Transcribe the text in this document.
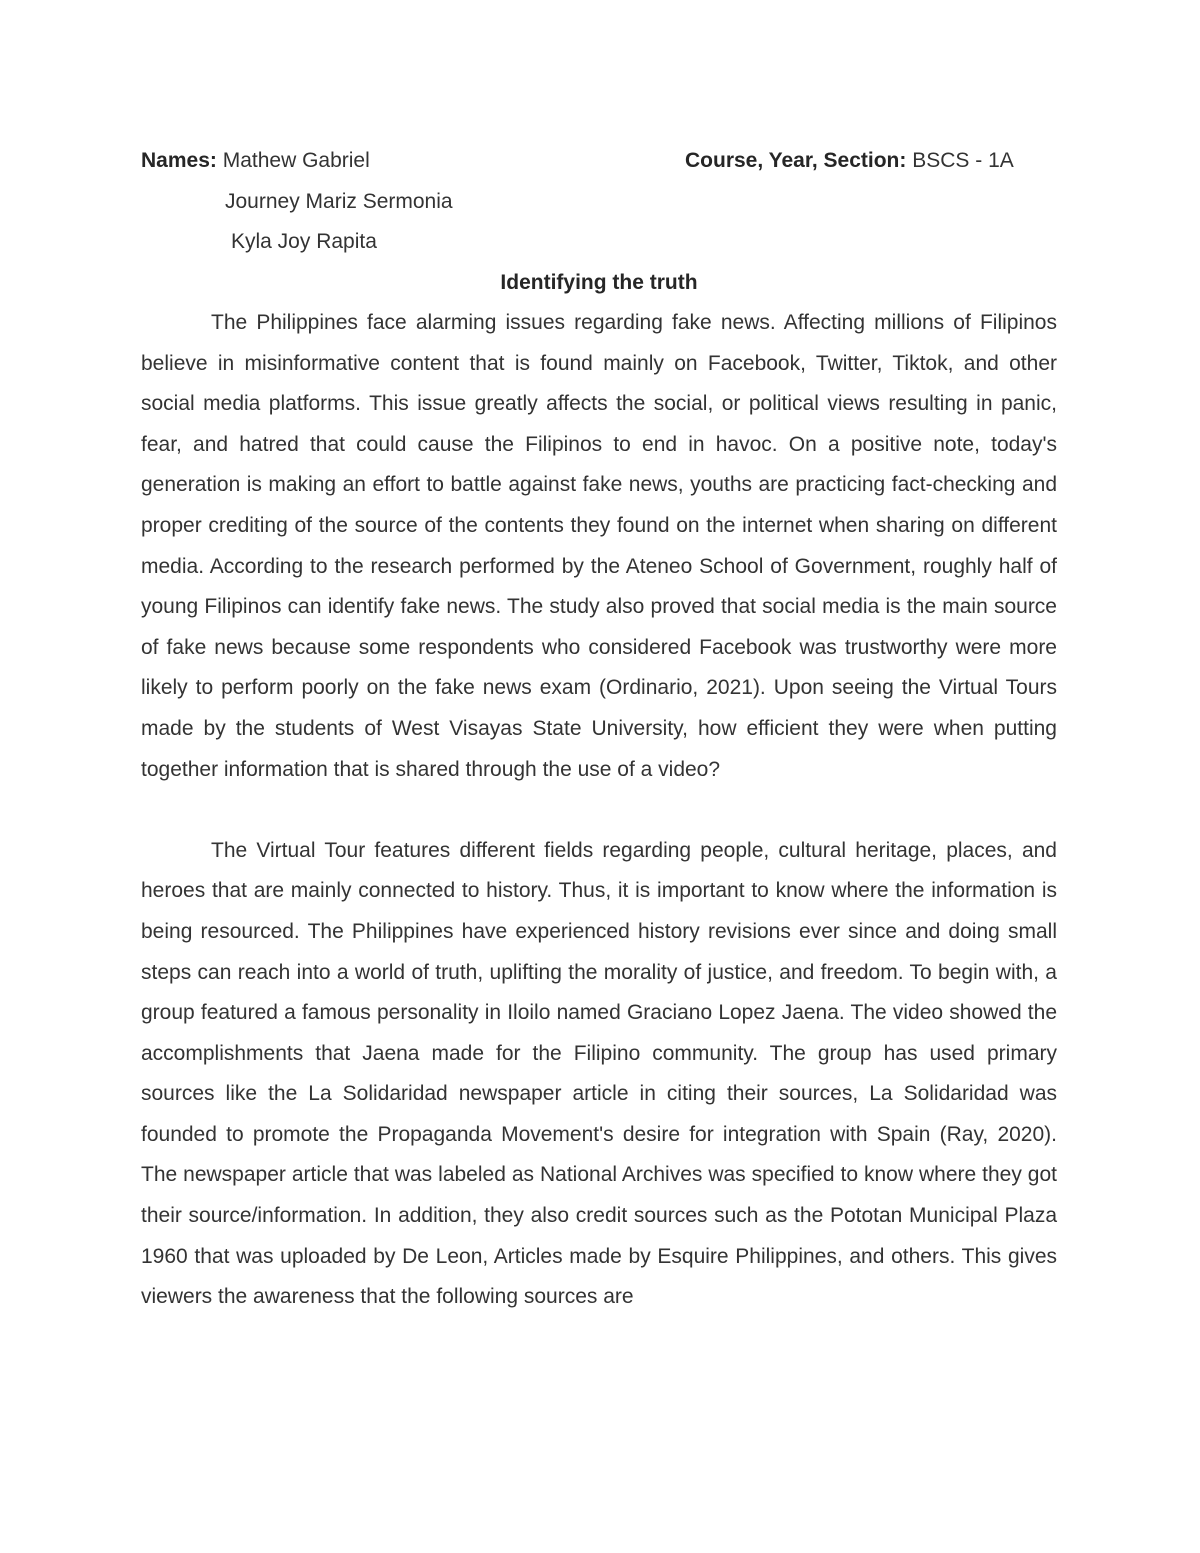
Names: Mathew Gabriel	Course, Year, Section: BSCS - 1A
Journey Mariz Sermonia
Kyla Joy Rapita
Identifying the truth

The Philippines face alarming issues regarding fake news. Affecting millions of Filipinos believe in misinformative content that is found mainly on Facebook, Twitter, Tiktok, and other social media platforms. This issue greatly affects the social, or political views resulting in panic, fear, and hatred that could cause the Filipinos to end in havoc. On a positive note, today's generation is making an effort to battle against fake news, youths are practicing fact-checking and proper crediting of the source of the contents they found on the internet when sharing on different media. According to the research performed by the Ateneo School of Government, roughly half of young Filipinos can identify fake news. The study also proved that social media is the main source of fake news because some respondents who considered Facebook was trustworthy were more likely to perform poorly on the fake news exam (Ordinario, 2021). Upon seeing the Virtual Tours made by the students of West Visayas State University, how efficient they were when putting together information that is shared through the use of a video?

The Virtual Tour features different fields regarding people, cultural heritage, places, and heroes that are mainly connected to history. Thus, it is important to know where the information is being resourced. The Philippines have experienced history revisions ever since and doing small steps can reach into a world of truth, uplifting the morality of justice, and freedom. To begin with, a group featured a famous personality in Iloilo named Graciano Lopez Jaena. The video showed the accomplishments that Jaena made for the Filipino community. The group has used primary sources like the La Solidaridad newspaper article in citing their sources, La Solidaridad was founded to promote the Propaganda Movement's desire for integration with Spain (Ray, 2020). The newspaper article that was labeled as National Archives was specified to know where they got their source/information. In addition, they also credit sources such as the Pototan Municipal Plaza 1960 that was uploaded by De Leon, Articles made by Esquire Philippines, and others. This gives viewers the awareness that the following sources are
